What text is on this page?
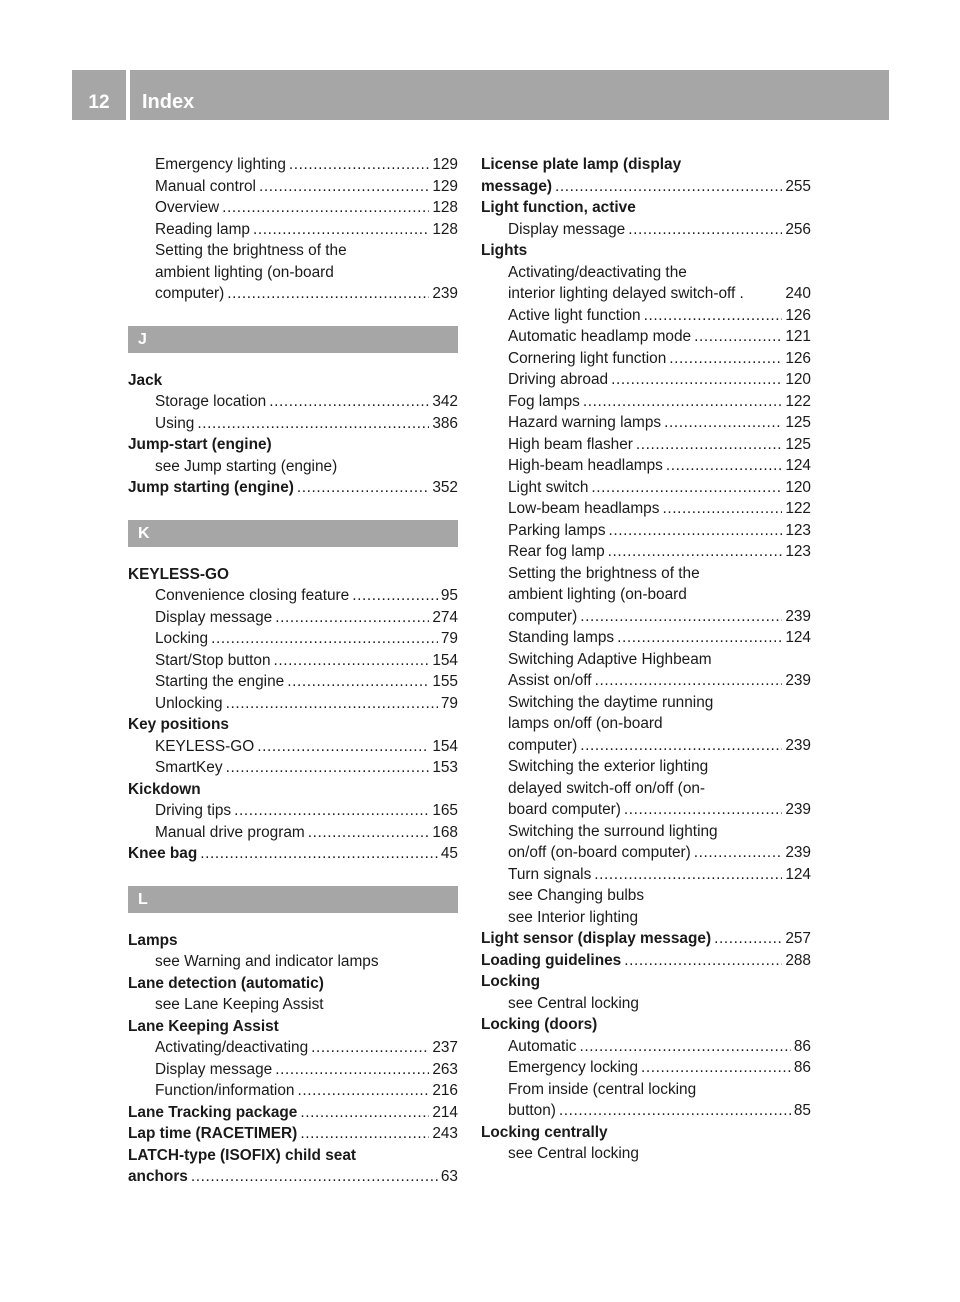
12	Index
Emergency lighting .....	129
Manual control .....	129
Overview .....	128
Reading lamp .....	128
Setting the brightness of the
ambient lighting (on-board
computer) .....	239
J
Jack
Storage location .....	342
Using .....	386
Jump-start (engine)
see Jump starting (engine)
Jump starting (engine) .....	352
K
KEYLESS-GO
Convenience closing feature .....	95
Display message .....	274
Locking .....	79
Start/Stop button .....	154
Starting the engine .....	155
Unlocking .....	79
Key positions
KEYLESS-GO .....	154
SmartKey .....	153
Kickdown
Driving tips .....	165
Manual drive program .....	168
Knee bag .....	45
L
Lamps
see Warning and indicator lamps
Lane detection (automatic)
see Lane Keeping Assist
Lane Keeping Assist
Activating/deactivating .....	237
Display message .....	263
Function/information .....	216
Lane Tracking package .....	214
Lap time (RACETIMER) .....	243
LATCH-type (ISOFIX) child seat
anchors .....	63
License plate lamp (display
message) .....	255
Light function, active
Display message .....	256
Lights
Activating/deactivating the
interior lighting delayed switch-off .	240
Active light function .....	126
Automatic headlamp mode .....	121
Cornering light function .....	126
Driving abroad .....	120
Fog lamps .....	122
Hazard warning lamps .....	125
High beam flasher .....	125
High-beam headlamps .....	124
Light switch .....	120
Low-beam headlamps .....	122
Parking lamps .....	123
Rear fog lamp .....	123
Setting the brightness of the
ambient lighting (on-board
computer) .....	239
Standing lamps .....	124
Switching Adaptive Highbeam
Assist on/off .....	239
Switching the daytime running
lamps on/off (on-board
computer) .....	239
Switching the exterior lighting
delayed switch-off on/off (on-
board computer) .....	239
Switching the surround lighting
on/off (on-board computer) .....	239
Turn signals .....	124
see Changing bulbs
see Interior lighting
Light sensor (display message) .....	257
Loading guidelines .....	288
Locking
see Central locking
Locking (doors)
Automatic .....	86
Emergency locking .....	86
From inside (central locking
button) .....	85
Locking centrally
see Central locking
